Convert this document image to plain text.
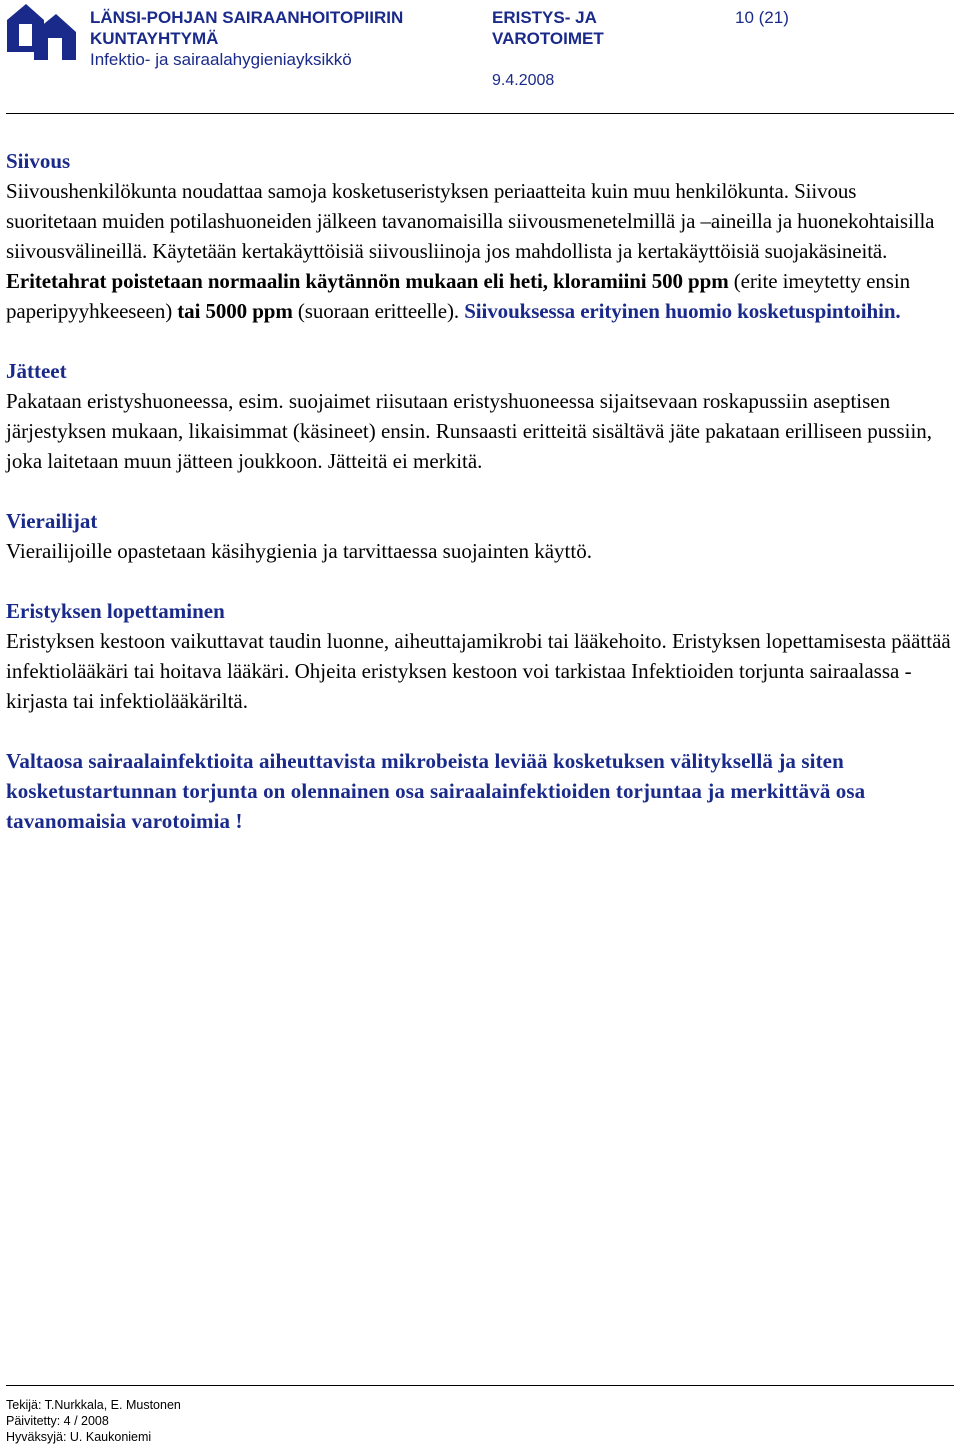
LÄNSI-POHJAN SAIRAANHOITOPIIRIN
KUNTAYHTYMÄ
Infektio- ja sairaalahygieniayksikkö
ERISTYS- JA
VAROTOIMET
9.4.2008
10 (21)
Siivous

Siivoushenkilökunta noudattaa samoja kosketuseristyksen periaatteita kuin muu henkilökunta. Siivous suoritetaan muiden potilashuoneiden jälkeen tavanomaisilla siivousmenetelmillä ja –aineilla ja huonekohtaisilla siivousvälineillä. Käytetään kertakäyttöisiä siivousliinoja jos mahdollista ja kertakäyttöisiä suojakäsineitä. Eritetahrat poistetaan normaalin käytännön mukaan eli heti, kloramiini 500 ppm (erite imeytetty ensin paperipyyhkeeseen) tai 5000 ppm (suoraan eritteelle). Siivouksessa erityinen huomio kosketuspintoihin.

Jätteet

Pakataan eristyshuoneessa, esim. suojaimet riisutaan eristyshuoneessa sijaitsevaan roskapussiin aseptisen järjestyksen mukaan, likaisimmat (käsineet) ensin. Runsaasti eritteitä sisältävä jäte pakataan erilliseen pussiin, joka laitetaan muun jätteen joukkoon. Jätteitä ei merkitä.

Vierailijat

Vierailijoille opastetaan käsihygienia ja tarvittaessa suojainten käyttö.

Eristyksen lopettaminen

Eristyksen kestoon vaikuttavat taudin luonne, aiheuttajamikrobi tai lääkehoito. Eristyksen lopettamisesta päättää infektiolääkäri tai hoitava lääkäri. Ohjeita eristyksen kestoon voi tarkistaa Infektioiden torjunta sairaalassa -kirjasta tai infektiolääkäriltä.

Valtaosa sairaalainfektioita aiheuttavista mikrobeista leviää kosketuksen välityksellä ja siten kosketustartunnan torjunta on olennainen osa sairaalainfektioiden torjuntaa ja merkittävä osa tavanomaisia varotoimia !
Tekijä: T.Nurkkala, E. Mustonen
Päivitetty: 4 / 2008
Hyväksyjä: U. Kaukoniemi
